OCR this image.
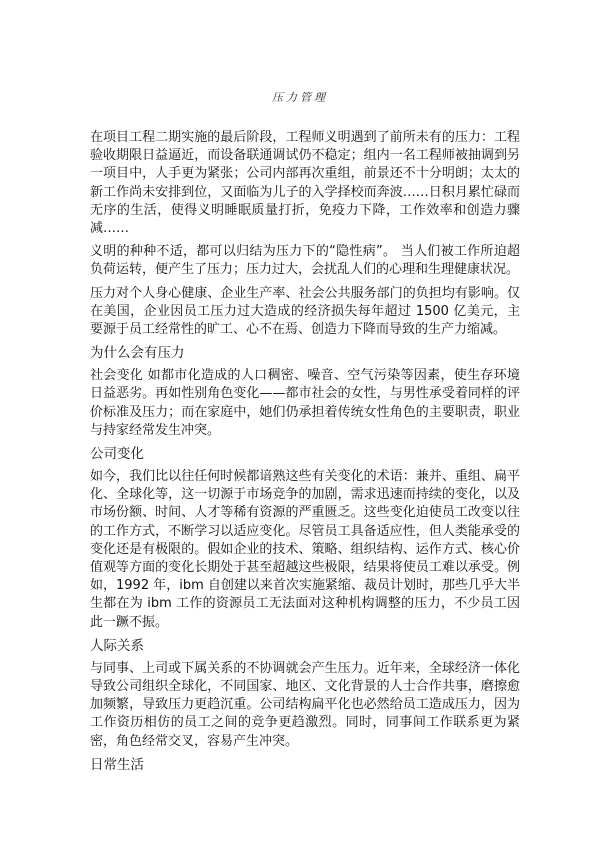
压力管理

在项目工程二期实施的最后阶段，工程师义明遇到了前所未有的压力：工程验收期限日益逼近，而设备联通调试仍不稳定；组内一名工程师被抽调到另一项目中，人手更为紧张；公司内部再次重组，前景还不十分明朗；太太的新工作尚未安排到位，又面临为儿子的入学择校而奔波……日积月累忙碌而无序的生活，使得义明睡眠质量打折，免疫力下降，工作效率和创造力骤减……

义明的种种不适，都可以归结为压力下的“隐性病”。 当人们被工作所迫超负荷运转，便产生了压力；压力过大，会扰乱人们的心理和生理健康状况。

压力对个人身心健康、企业生产率、社会公共服务部门的负担均有影响。仅在美国，企业因员工压力过大造成的经济损失每年超过 1500 亿美元，主要源于员工经常性的旷工、心不在焉、创造力下降而导致的生产力缩减。

为什么会有压力

社会变化 如都市化造成的人口稠密、噪音、空气污染等因素，使生存环境日益恶劣。再如性别角色变化——都市社会的女性，与男性承受着同样的评价标准及压力；而在家庭中，她们仍承担着传统女性角色的主要职责，职业与持家经常发生冲突。

公司变化

如今，我们比以往任何时候都谙熟这些有关变化的术语：兼并、重组、扁平化、全球化等，这一切源于市场竞争的加剧，需求迅速而持续的变化，以及市场份额、时间、人才等稀有资源的严重匮乏。这些变化迫使员工改变以往的工作方式，不断学习以适应变化。尽管员工具备适应性，但人类能承受的变化还是有极限的。假如企业的技术、策略、组织结构、运作方式、核心价值观等方面的变化长期处于甚至超越这些极限，结果将使员工难以承受。例如，1992 年，ibm 自创建以来首次实施紧缩、裁员计划时，那些几乎大半生都在为 ibm 工作的资源员工无法面对这种机构调整的压力，不少员工因此一蹶不振。

人际关系

与同事、上司或下属关系的不协调就会产生压力。近年来，全球经济一体化导致公司组织全球化，不同国家、地区、文化背景的人士合作共事，磨擦愈加频繁，导致压力更趋沉重。公司结构扁平化也必然给员工造成压力，因为工作资历相仿的员工之间的竞争更趋激烈。同时，同事间工作联系更为紧密，角色经常交叉，容易产生冲突。

日常生活
